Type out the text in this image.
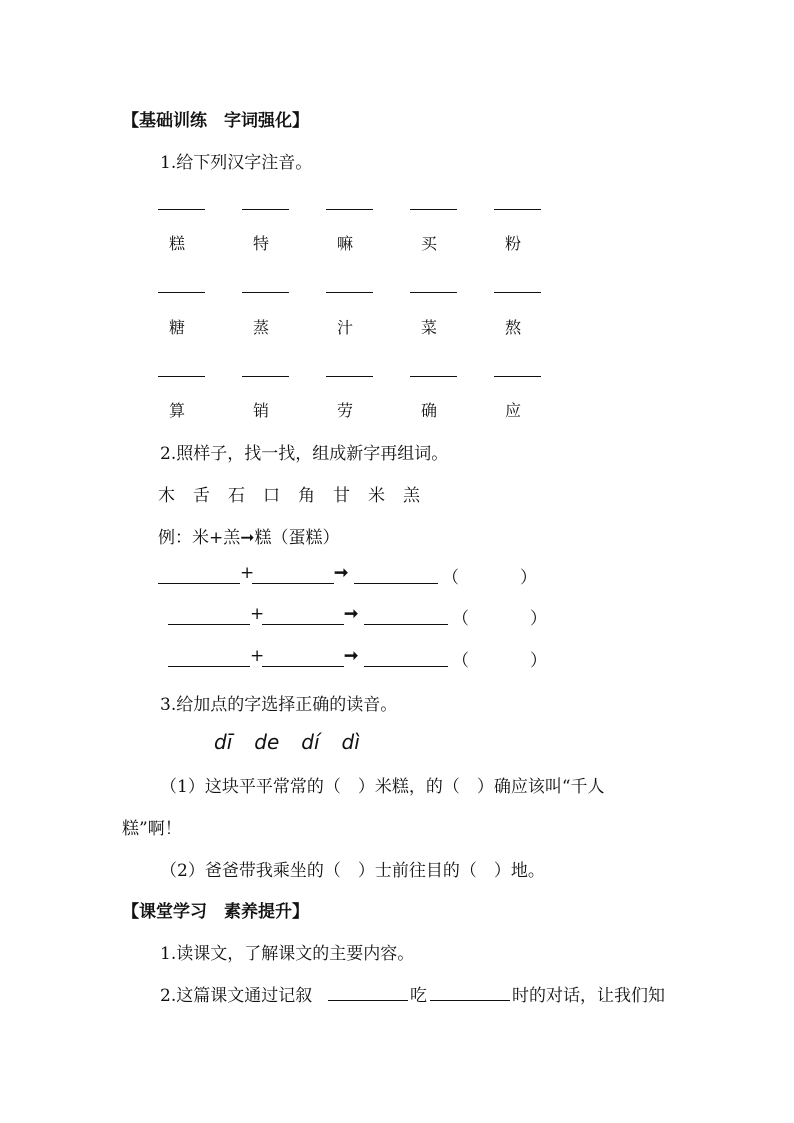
【基础训练　字词强化】
1.给下列汉字注音。
糕	特	嘛	买	粉
糖	蒸	汁	菜	熬
算	销	劳	确	应
2.照样子，找一找，组成新字再组词。
木 舌 石 口 角 甘 米 羔
例：米+羔➞糕（蛋糕）
+	➞	（	）
+	➞	（	）
+	➞	（	）
3.给加点的字选择正确的读音。
dī de dí dì
（1）这块平平常常的（　）米糕，的（　）确应该叫“千人
糕”啊！
（2）爸爸带我乘坐的（　）士前往目的（　）地。
【课堂学习　素养提升】
1.读课文，了解课文的主要内容。
2.这篇课文通过记叙	吃	时的对话，让我们知
